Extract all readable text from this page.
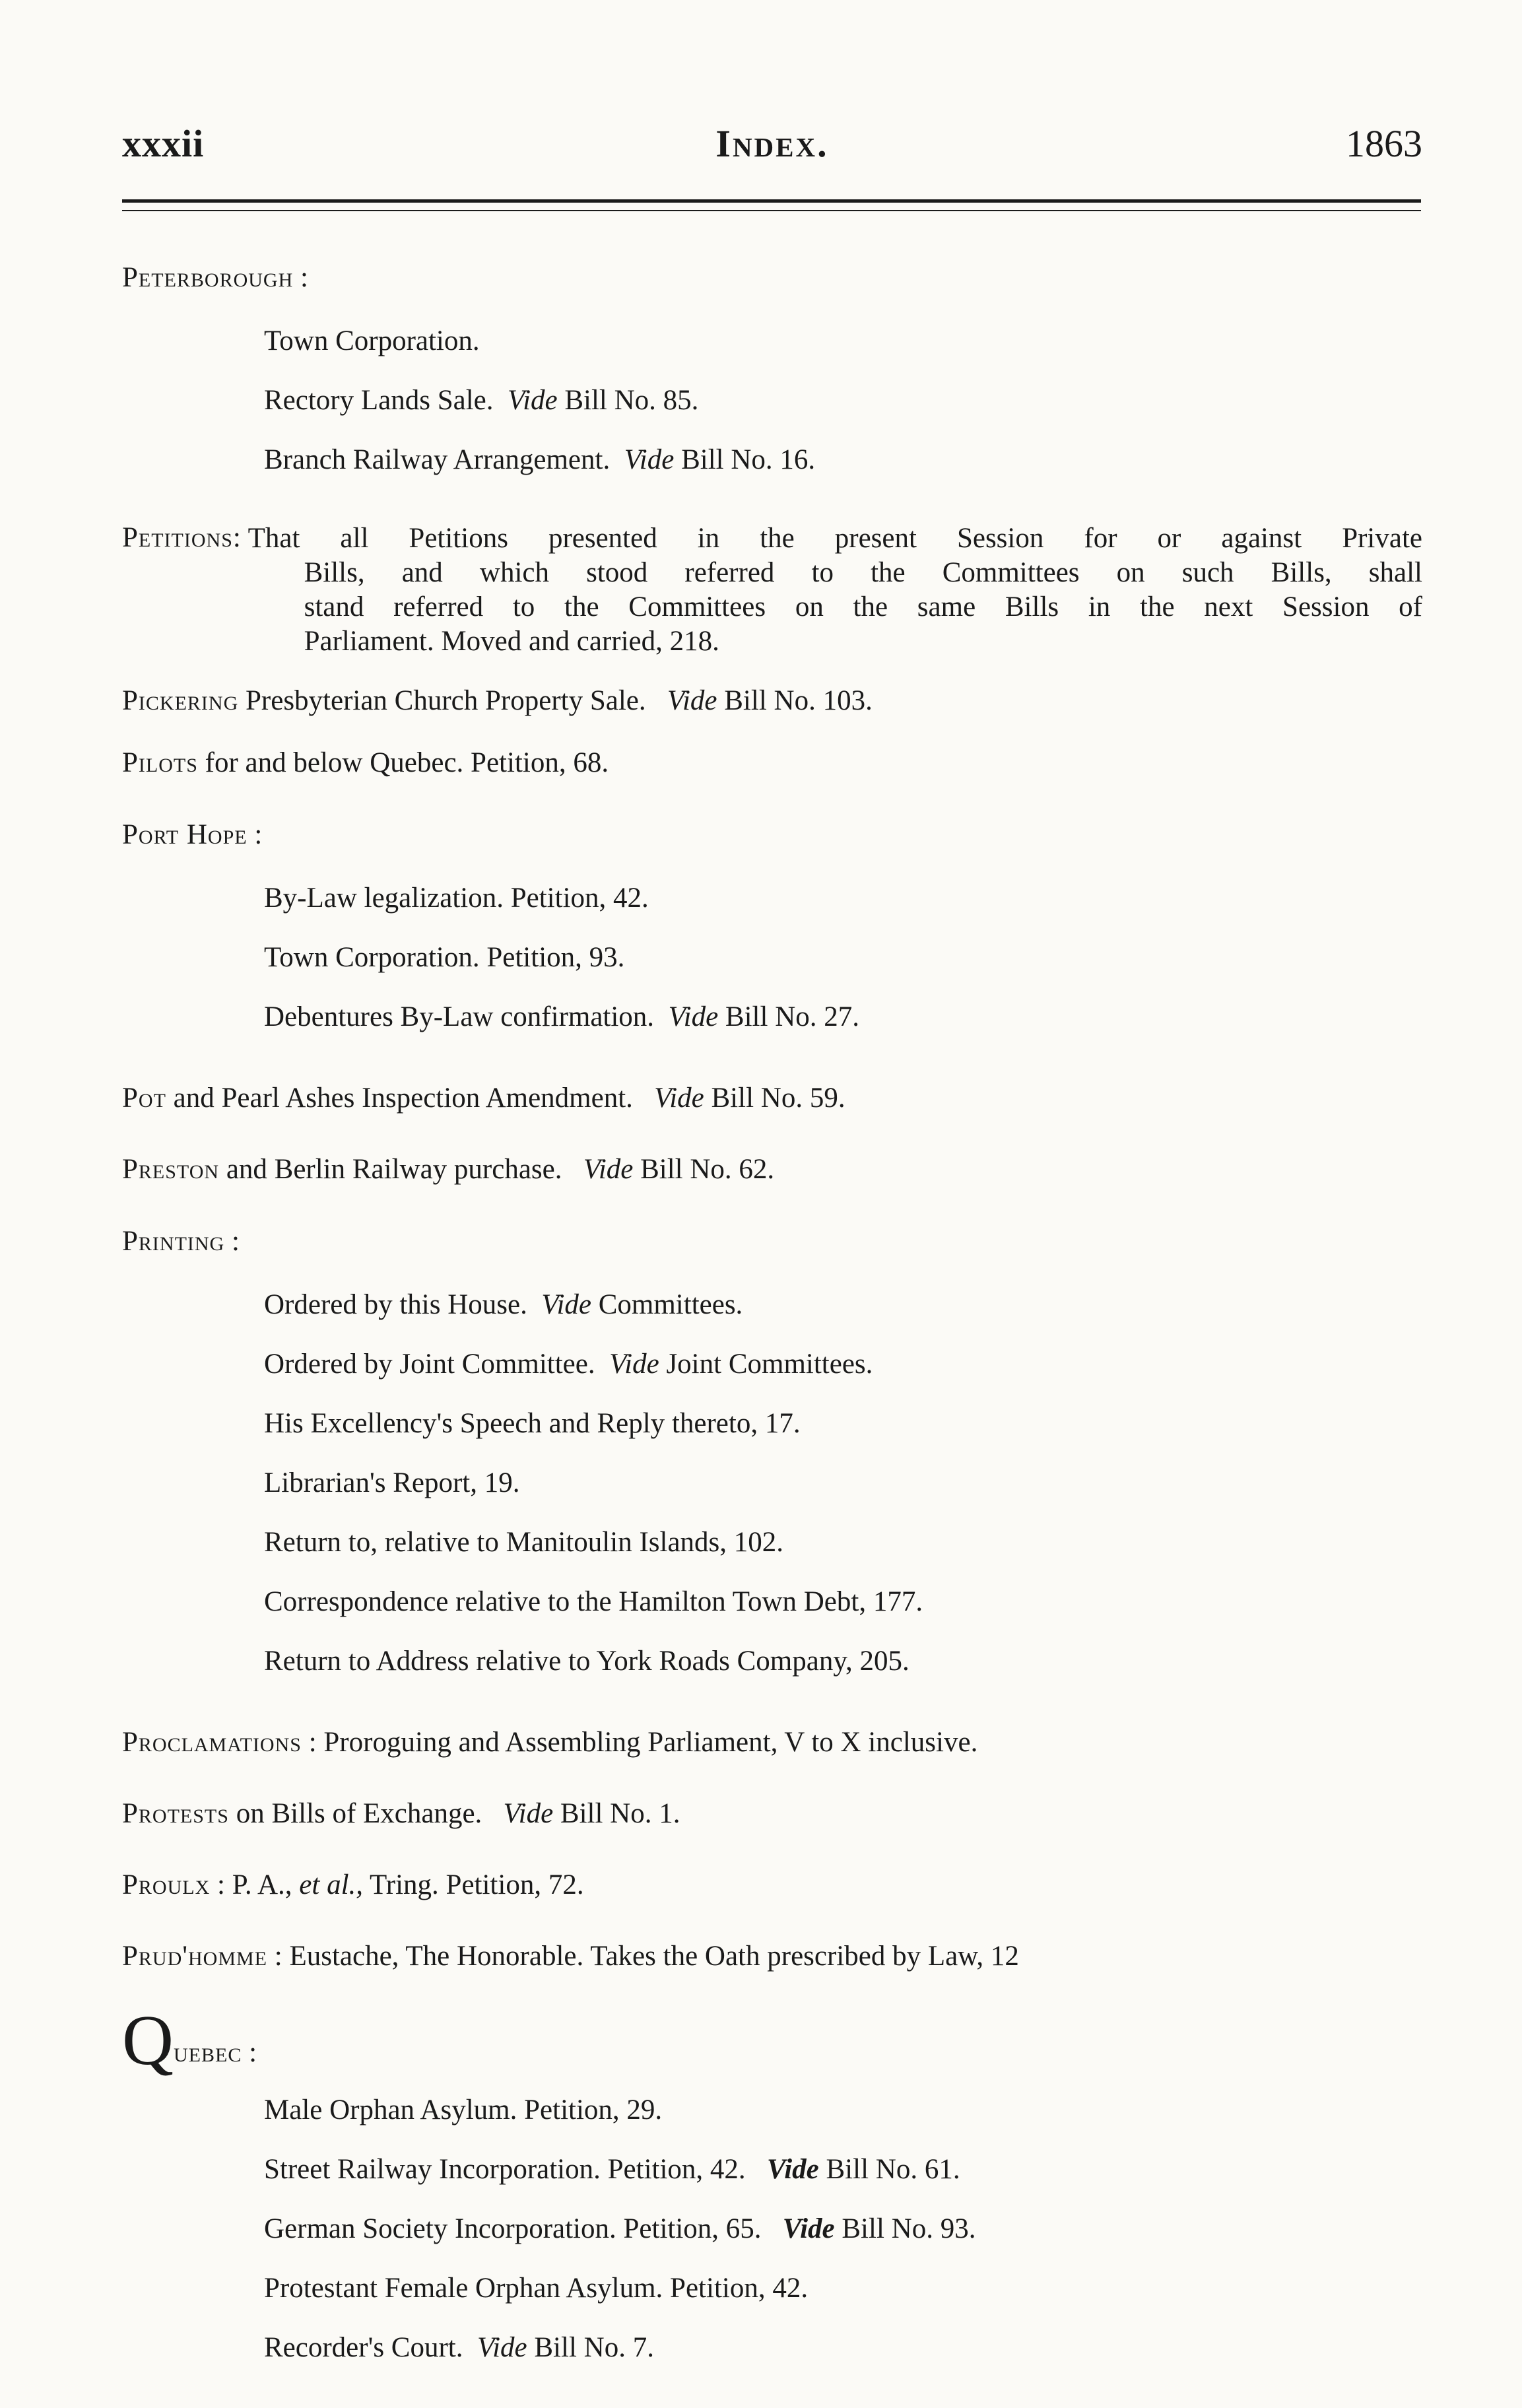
xxxii	Index.	1863
Peterborough :
Town Corporation.
Rectory Lands Sale. Vide Bill No. 85.
Branch Railway Arrangement. Vide Bill No. 16.
Petitions: That all Petitions presented in the present Session for or against Private
Bills, and which stood referred to the Committees on such Bills, shall
stand referred to the Committees on the same Bills in the next Session of
Parliament. Moved and carried, 218.
Pickering Presbyterian Church Property Sale. Vide Bill No. 103.
Pilots for and below Quebec. Petition, 68.
Port Hope :
By-Law legalization. Petition, 42.
Town Corporation. Petition, 93.
Debentures By-Law confirmation. Vide Bill No. 27.
Pot and Pearl Ashes Inspection Amendment. Vide Bill No. 59.
Preston and Berlin Railway purchase. Vide Bill No. 62.
Printing :
Ordered by this House. Vide Committees.
Ordered by Joint Committee. Vide Joint Committees.
His Excellency's Speech and Reply thereto, 17.
Librarian's Report, 19.
Return to, relative to Manitoulin Islands, 102.
Correspondence relative to the Hamilton Town Debt, 177.
Return to Address relative to York Roads Company, 205.
Proclamations : Proroguing and Assembling Parliament, V to X inclusive.
Protests on Bills of Exchange. Vide Bill No. 1.
Proulx : P. A., et al., Tring. Petition, 72.
Prud'homme : Eustache, The Honorable. Takes the Oath prescribed by Law, 12
Quebec :
Male Orphan Asylum. Petition, 29.
Street Railway Incorporation. Petition, 42. Vide Bill No. 61.
German Society Incorporation. Petition, 65. Vide Bill No. 93.
Protestant Female Orphan Asylum. Petition, 42.
Recorder's Court. Vide Bill No. 7.
